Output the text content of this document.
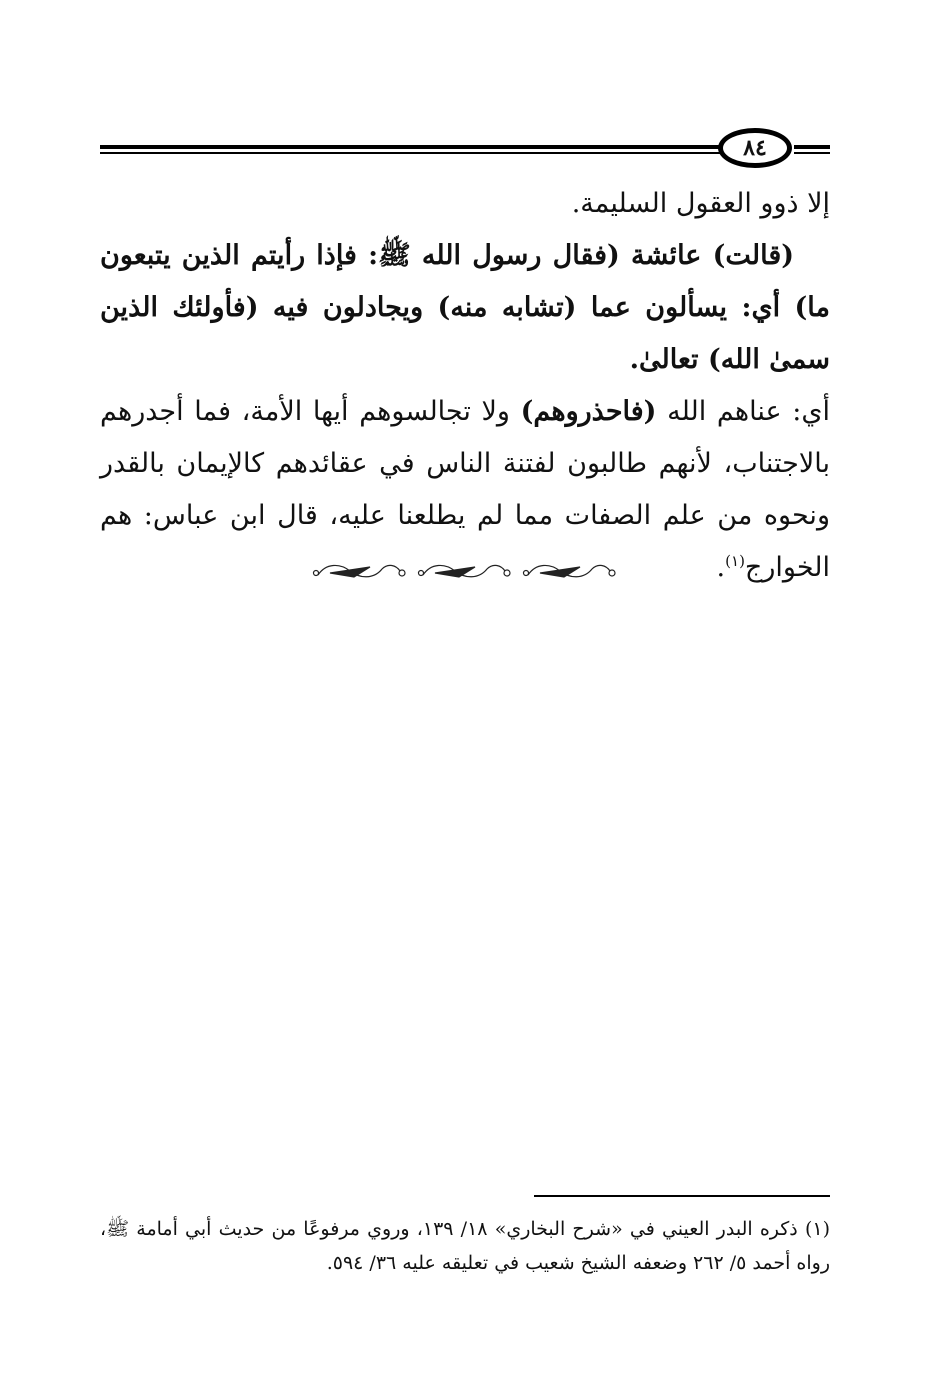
٨٤

إلا ذوو العقول السليمة.

(قالت) عائشة (فقال رسول الله ﷺ: فإذا رأيتم الذين يتبعون ما) أي: يسألون عما (تشابه منه) ويجادلون فيه (فأولئك الذين سمىٰ الله) تعالىٰ.

أي: عناهم الله (فاحذروهم) ولا تجالسوهم أيها الأمة، فما أجدرهم بالاجتناب، لأنهم طالبون لفتنة الناس في عقائدهم كالإيمان بالقدر ونحوه من علم الصفات مما لم يطلعنا عليه، قال ابن عباس: هم الخوارج$^{(١)}$.

(١) ذكره البدر العيني في «شرح البخاري» ١٨/ ١٣٩، وروي مرفوعًا من حديث أبي أمامة ﷺ، رواه أحمد ٥/ ٢٦٢ وضعفه الشيخ شعيب في تعليقه عليه ٣٦/ ٥٩٤.
